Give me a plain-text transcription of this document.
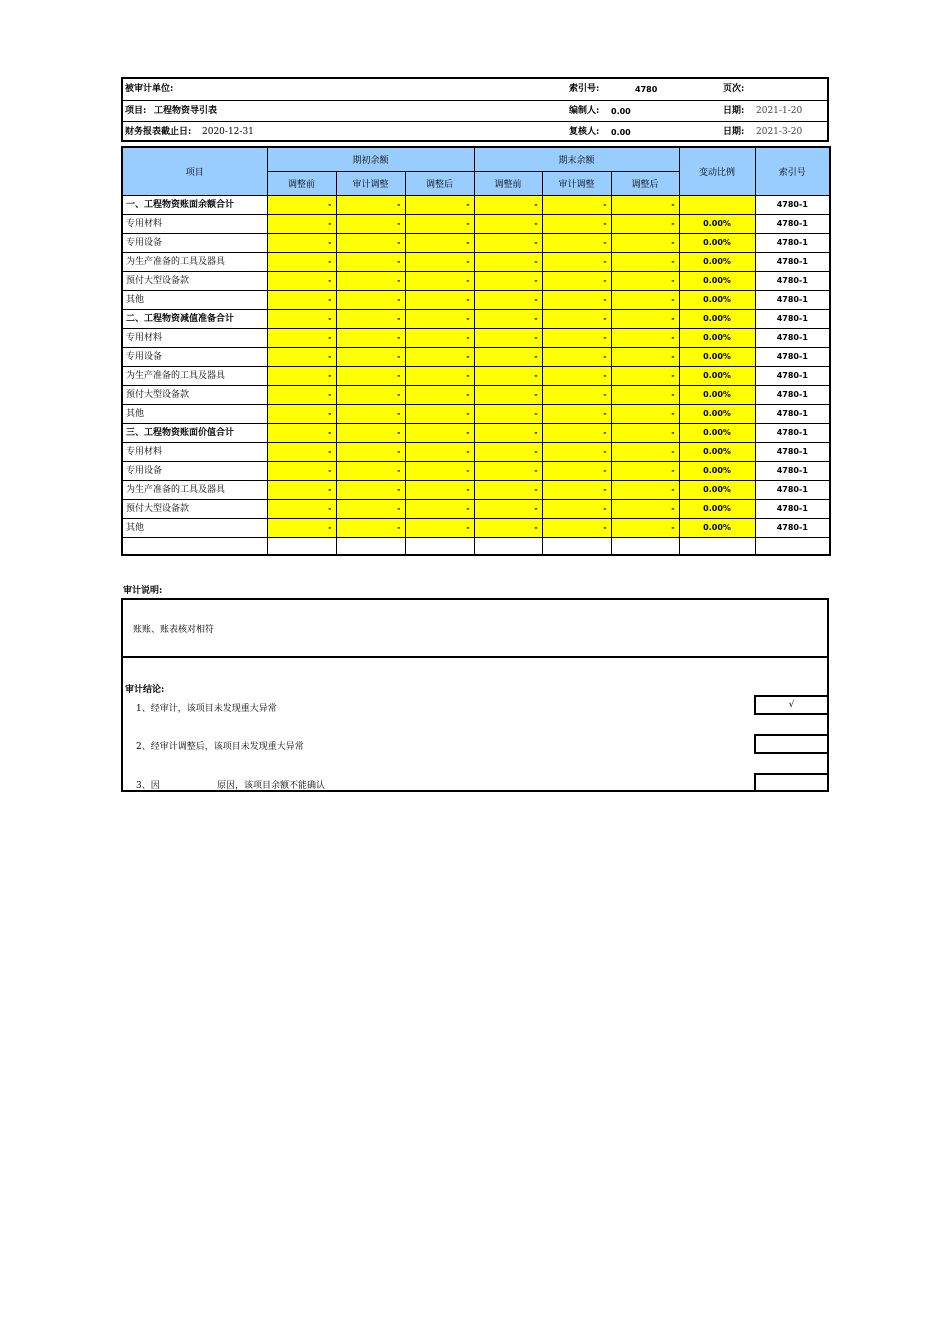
被审计单位:	索引号:	4780	页次:
项目: 工程物资导引表	编制人: 0.00	日期: 2021-1-20
财务报表截止日: 2020-12-31	复核人: 0.00	日期: 2021-3-20
项目	期初余额			期末余额			变动比例	索引号
	调整前	审计调整	调整后	调整前	审计调整	调整后		
一、工程物资账面余额合计	-	-	-	-	-	-		4780-1
专用材料	-	-	-	-	-	-	0.00%	4780-1
专用设备	-	-	-	-	-	-	0.00%	4780-1
为生产准备的工具及器具	-	-	-	-	-	-	0.00%	4780-1
预付大型设备款	-	-	-	-	-	-	0.00%	4780-1
其他	-	-	-	-	-	-	0.00%	4780-1
二、工程物资减值准备合计	-	-	-	-	-	-	0.00%	4780-1
专用材料	-	-	-	-	-	-	0.00%	4780-1
专用设备	-	-	-	-	-	-	0.00%	4780-1
为生产准备的工具及器具	-	-	-	-	-	-	0.00%	4780-1
预付大型设备款	-	-	-	-	-	-	0.00%	4780-1
其他	-	-	-	-	-	-	0.00%	4780-1
三、工程物资账面价值合计	-	-	-	-	-	-	0.00%	4780-1
专用材料	-	-	-	-	-	-	0.00%	4780-1
专用设备	-	-	-	-	-	-	0.00%	4780-1
为生产准备的工具及器具	-	-	-	-	-	-	0.00%	4780-1
预付大型设备款	-	-	-	-	-	-	0.00%	4780-1
其他	-	-	-	-	-	-	0.00%	4780-1

审计说明:
账账、账表核对相符
审计结论:
1、经审计，该项目未发现重大异常	√
2、经审计调整后，该项目未发现重大异常
3、因                    原因，该项目余额不能确认
